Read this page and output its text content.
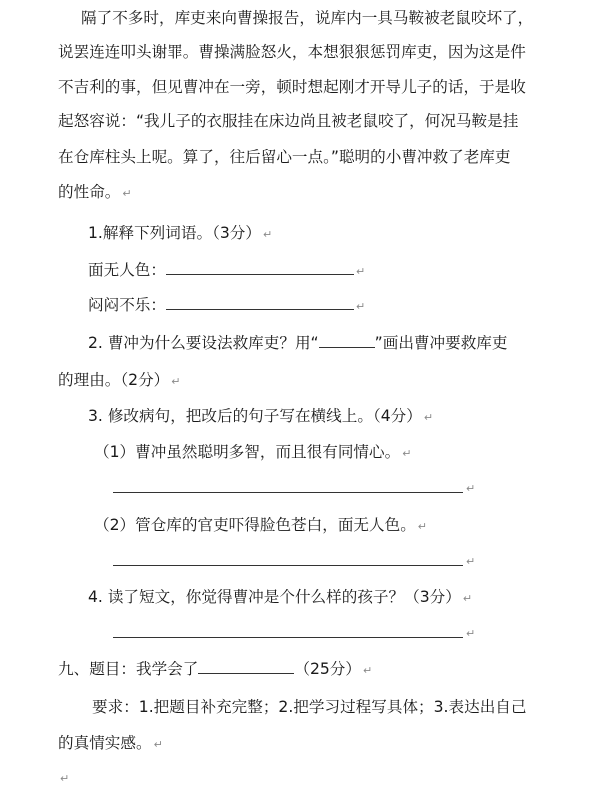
隔了不多时，库吏来向曹操报告，说库内一具马鞍被老鼠咬坏了，
说罢连连叩头谢罪。曹操满脸怒火，本想狠狠惩罚库吏，因为这是件
不吉利的事，但见曹冲在一旁，顿时想起刚才开导儿子的话，于是收
起怒容说：“我儿子的衣服挂在床边尚且被老鼠咬了，何况马鞍是挂
在仓库柱头上呢。算了，往后留心一点。”聪明的小曹冲救了老库吏
的性命。 ↵
1.解释下列词语。（3分） ↵
面无人色：	↵
闷闷不乐：	↵
2. 曹冲为什么要设法救库吏？用“	”画出曹冲要救库吏
的理由。（2分） ↵
3. 修改病句，把改后的句子写在横线上。（4分） ↵
（1）曹冲虽然聪明多智，而且很有同情心。 ↵
↵
（2）管仓库的官吏吓得脸色苍白，面无人色。 ↵
↵
4. 读了短文，你觉得曹冲是个什么样的孩子？（3分） ↵
↵
九、题目：我学会了	（25分） ↵
要求：1.把题目补充完整；2.把学习过程写具体；3.表达出自己
的真情实感。 ↵
↵
